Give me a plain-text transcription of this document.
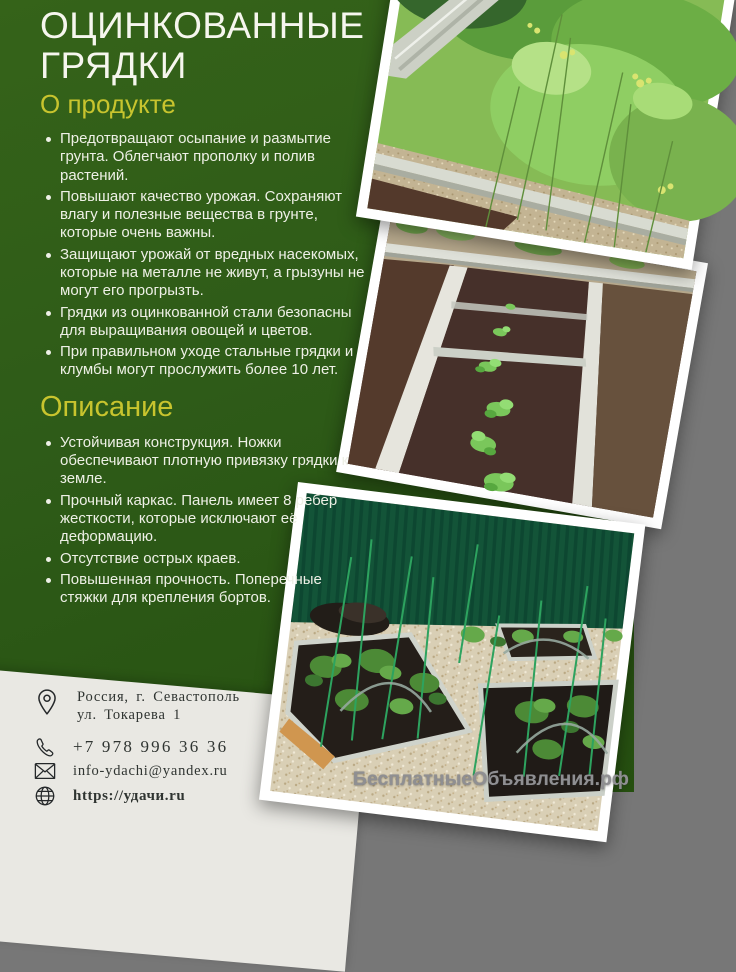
ОЦИНКОВАННЫЕ
ГРЯДКИ
О продукте
Предотвращают осыпание и размытие грунта. Облегчают прополку и полив растений.
Повышают качество урожая. Сохраняют влагу и полезные вещества в грунте, которые очень важны.
Защищают урожай от вредных насекомых, которые на металле не живут, а грызуны не могут его прогрызть.
Грядки из оцинкованной стали безопасны для выращивания овощей и цветов.
При правильном уходе стальные грядки и клумбы могут прослужить более 10 лет.
Описание
Устойчивая конструкция. Ножки обеспечивают плотную привязку грядки к земле.
Прочный каркас. Панель имеет 8 ребер жесткости, которые исключают её деформацию.
Отсутствие острых краев.
Повышенная прочность. Поперечные стяжки для крепления бортов.
Россия, г. Севастополь
ул. Токарева 1
+7 978 996 36 36
info-ydachi@yandex.ru
https://удачи.ru
БесплатныеОбъявления.рф
